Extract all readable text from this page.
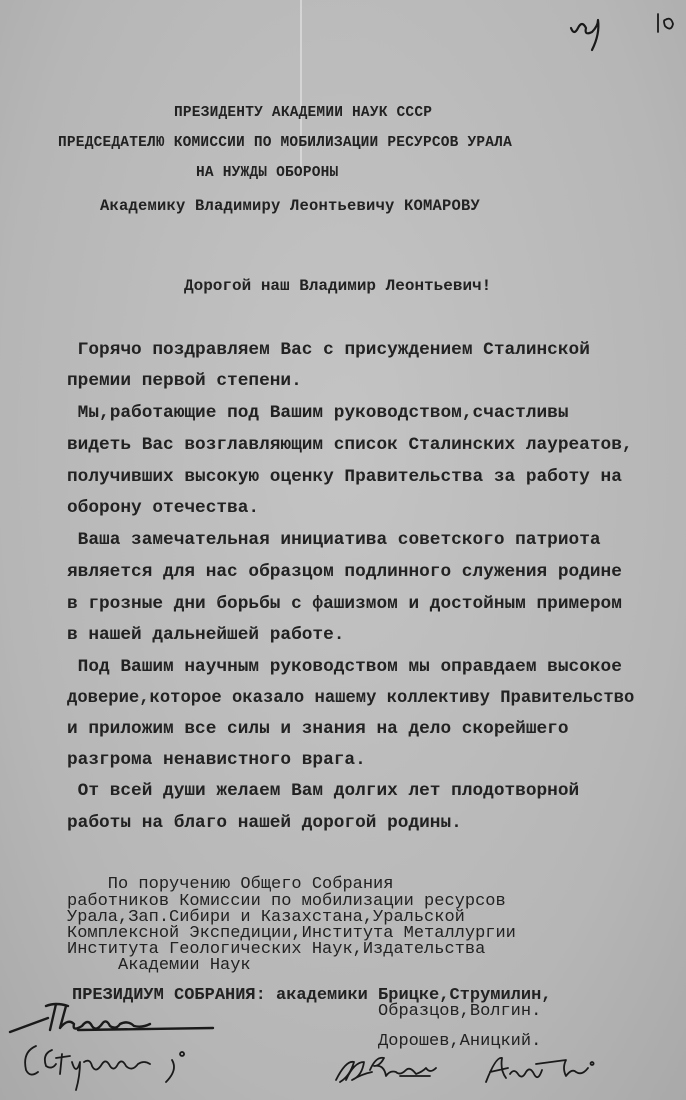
ПРЕЗИДЕНТУ АКАДЕМИИ НАУК СССР
ПРЕДСЕДАТЕЛЮ КОМИССИИ ПО МОБИЛИЗАЦИИ РЕСУРСОВ УРАЛА
НА НУЖДЫ ОБОРОНЫ
Академику Владимиру Леонтьевичу КОМАРОВУ
Дорогой наш Владимир Леонтьевич!
Горячо поздравляем Вас с присуждением Сталинской
премии первой степени.
Мы,работающие под Вашим руководством,счастливы
видеть Вас возглавляющим список Сталинских лауреатов,
получивших высокую оценку Правительства за работу на
оборону отечества.
Ваша замечательная инициатива советского патриота
является для нас образцом подлинного служения родине
в грозные дни борьбы с фашизмом и достойным примером
в нашей дальнейшей работе.
Под Вашим научным руководством мы оправдаем высокое
доверие,которое оказало нашему коллективу Правительство
и приложим все силы и знания на дело скорейшего
разгрома ненавистного врага.
От всей души желаем Вам долгих лет плодотворной
работы на благо нашей дорогой родины.
По поручению Общего Собрания
работников Комиссии по мобилизации ресурсов
Урала,Зап.Сибири и Казахстана,Уральской
Комплексной Экспедиции,Института Металлургии
Института Геологических Наук,Издательства
Академии Наук
ПРЕЗИДИУМ СОБРАНИЯ: академики Брицке,Струмилин,
Образцов,Волгин.
Дорошев,Аницкий.
